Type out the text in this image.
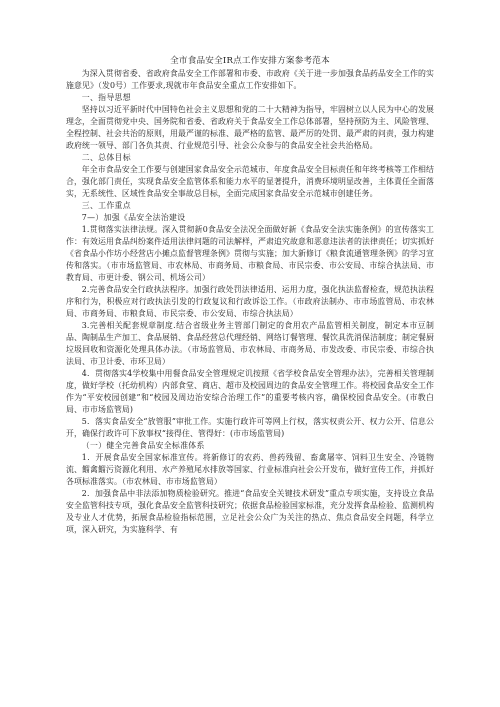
全市食品安全IR点工作安排方案参考范本

为深入贯彻省委、省政府食品安全工作部署和市委、市政府《关于进一步加强食品药品安全工作的实施意见》（发0号）工作要求,现就市年食品安全重点工作安排如下。

一、指导思想

坚持以习近平新时代中国特色社会主义思想和党的二十大精神为指导，牢固树立以人民为中心的发展理念，全面贯彻党中央、国务院和省委、省政府关于食品安全工作总体部署，坚持预防为主、风险管理、全程控制、社会共治的原则，用最严谨的标准、最严格的监管、最严厉的处罚、最严肃的问责，强力构建政府统一领导、部门各负其责、行业规范引导、社会公众参与的食品安全社会共治格局。

二、总体目标

年全市食品安全工作要与创建国家食品安全示范城市、年度食品安全目标责任和年终考核等工作相结合，强化部门责任，实现食品安全监管体系和能力水平的显著提升，消费环境明显改善，主体責任全面落实，无系统性、区域性食品安全事故总目标，全面完成国家食品安全示范城市创建任务。

三、工作重点

7—）加强《品安全法治建设

1.贯彻落实法律法规。深入贯彻新0食品安全法况全面做好新《食品安全法实施条例》的宣传落实工作：有效运用食品纠纷案件适用法律问题的司法解样，严肃追究故意和恶意违法者的法律责任；切实抓好《省食品小作坊小经营店小摊点监督管理条例》贯彻与实施；加大新修订《粮食流通管理条例》的学习宣传和落实。（市市场监管局、市农林局、市商务局、市粮食局、市民宗委、市公安局、市综合执法局、市教育局、市更计委、钢公司、机场公司）

2.完善食品安全行政执法程序。加强行政处罚法律适用、运用力度，强化执法监督检查，规范执法程序和行为，积极应对行政执法引发的行政复议和行政诉讼工作。（市政府法制办、市市场监管局、市农林局、市商务局、市粮食局、市民宗委、市公安局、市综合执法局）

3.完善相关配套规章制度.结合省级业务主管部门制定的食用农产品监管相关制度，制定本市豆制品、陶制品生产加工、食品展销、食品经营总代理经销、网络订餐管理、餐饮具洗消保洁制度；制定餐厨垃圾回收和资源化处理具体办法。（市场监管局、市农林局、市商务局、市发改委、市民宗委、市综合执法局、市卫计委、市环卫局）

4．贯彻落实4学校集中用餐食品安全管理规定讥按照《省学校食品安全管理办法》，完善相关管理制度，做好学校（托幼机构）内部食堂、商店、超市及校园周边的食品安全管理工作。将校园食品安全工作作为“平安校园创建”和“校园及周边治安综合治理工作”的重要考核内容，确保校园食品安全。(市教白局、市市场监管局)

5．落实食品安全“放管服”审批工作。实施行政许可等网上行权，落实权责公开、权力公开、信息公开，确保行政许可下放事权“接得住、管得好：(市市场监管局)

（一）健全完善食品安全标准体系

1．开展食品安全国家标准宣传。将新修订的农药、兽药残留、畜禽屠宰、饲料卫生安全、冷链物流、餾禽餾污资源化利用、水产养殖尾水排放等国家、行业标准向社会公开发布，做好宣传工作，并抓好各项标准落实。（市农林局、市市场监管局）

2．加强食品中非法添加物质检验研究。推进“食品安全关键技术研发”重点专项实施，支持设立食品安全监管科技专项，强化食品安全监管科技研究；依据食品检验国家标准，充分发挥食品检验、监测机构及专业人才优势，拓展食品检验指标范围，立足社会公众广为关注的热点、焦点食品安全问题，科学立项，深入研究，为实施科学、有
